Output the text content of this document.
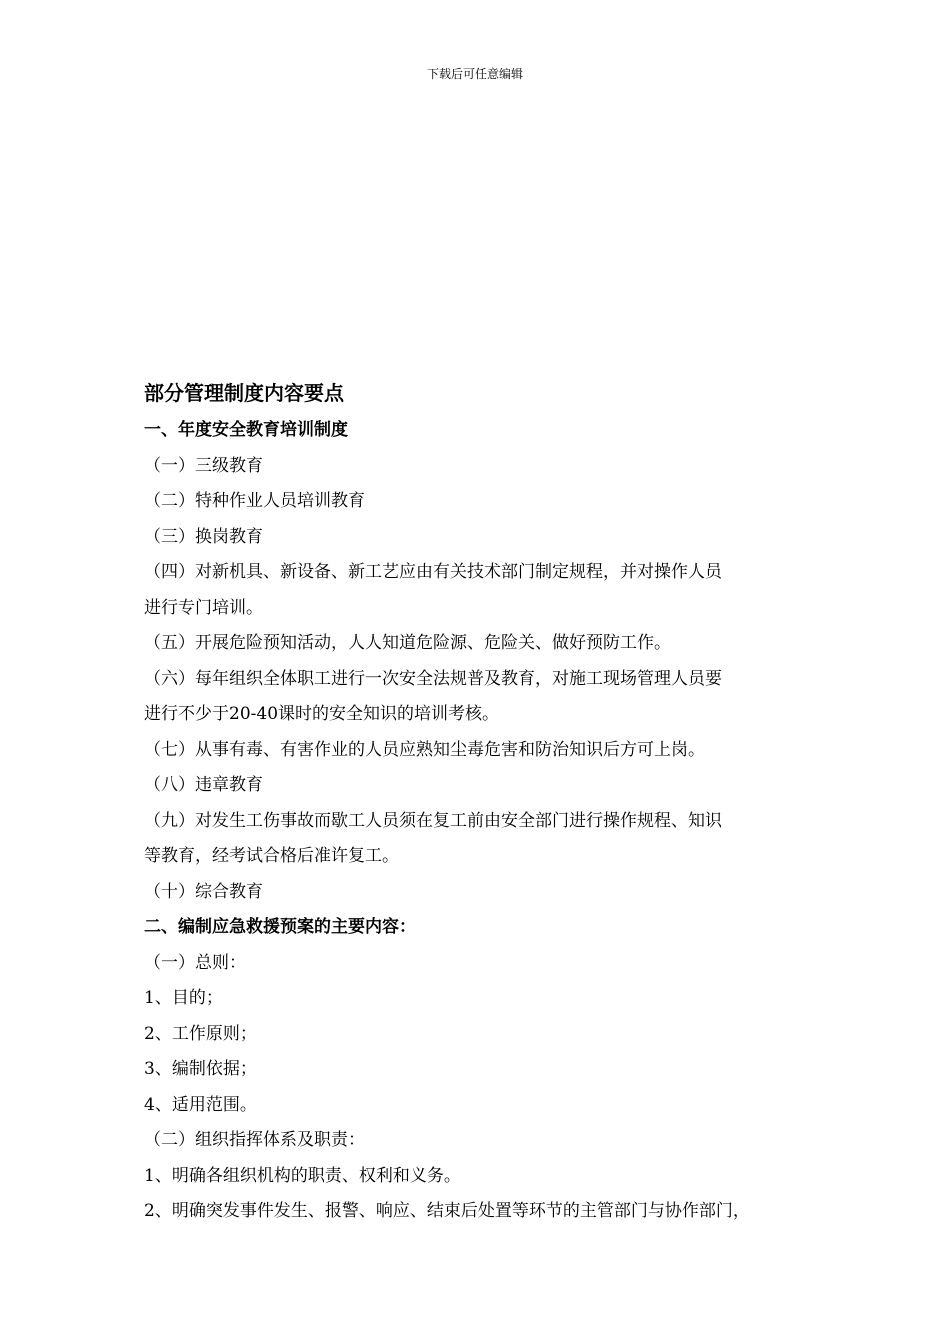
下载后可任意编辑
部分管理制度内容要点
一、年度安全教育培训制度
（一）三级教育
（二）特种作业人员培训教育
（三）换岗教育
（四）对新机具、新设备、新工艺应由有关技术部门制定规程，并对操作人员
进行专门培训。
（五）开展危险预知活动，人人知道危险源、危险关、做好预防工作。
（六）每年组织全体职工进行一次安全法规普及教育，对施工现场管理人员要
进行不少于20-40课时的安全知识的培训考核。
（七）从事有毒、有害作业的人员应熟知尘毒危害和防治知识后方可上岗。
（八）违章教育
（九）对发生工伤事故而歇工人员须在复工前由安全部门进行操作规程、知识
等教育，经考试合格后准许复工。
（十）综合教育
二、编制应急救援预案的主要内容：
（一）总则：
1、目的；
2、工作原则；
3、编制依据；
4、适用范围。
（二）组织指挥体系及职责：
1、明确各组织机构的职责、权利和义务。
2、明确突发事件发生、报警、响应、结束后处置等环节的主管部门与协作部门，
